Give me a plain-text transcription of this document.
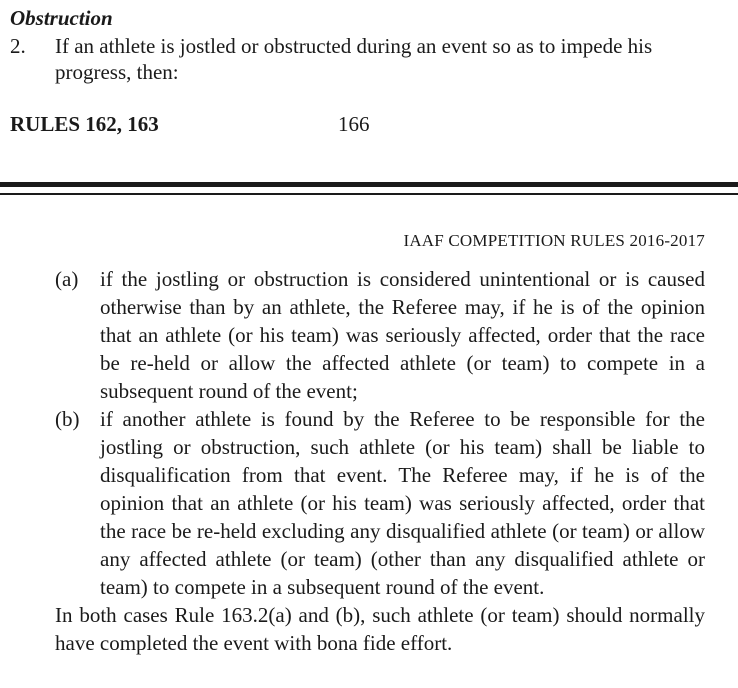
Obstruction
2. If an athlete is jostled or obstructed during an event so as to impede his progress, then:
RULES 162, 163	166
IAAF COMPETITION RULES 2016-2017
(a) if the jostling or obstruction is considered unintentional or is caused otherwise than by an athlete, the Referee may, if he is of the opinion that an athlete (or his team) was seriously affected, order that the race be re-held or allow the affected athlete (or team) to compete in a subsequent round of the event;
(b) if another athlete is found by the Referee to be responsible for the jostling or obstruction, such athlete (or his team) shall be liable to disqualification from that event. The Referee may, if he is of the opinion that an athlete (or his team) was seriously affected, order that the race be re-held excluding any disqualified athlete (or team) or allow any affected athlete (or team) (other than any disqualified athlete or team) to compete in a subsequent round of the event.
In both cases Rule 163.2(a) and (b), such athlete (or team) should normally have completed the event with bona fide effort.
